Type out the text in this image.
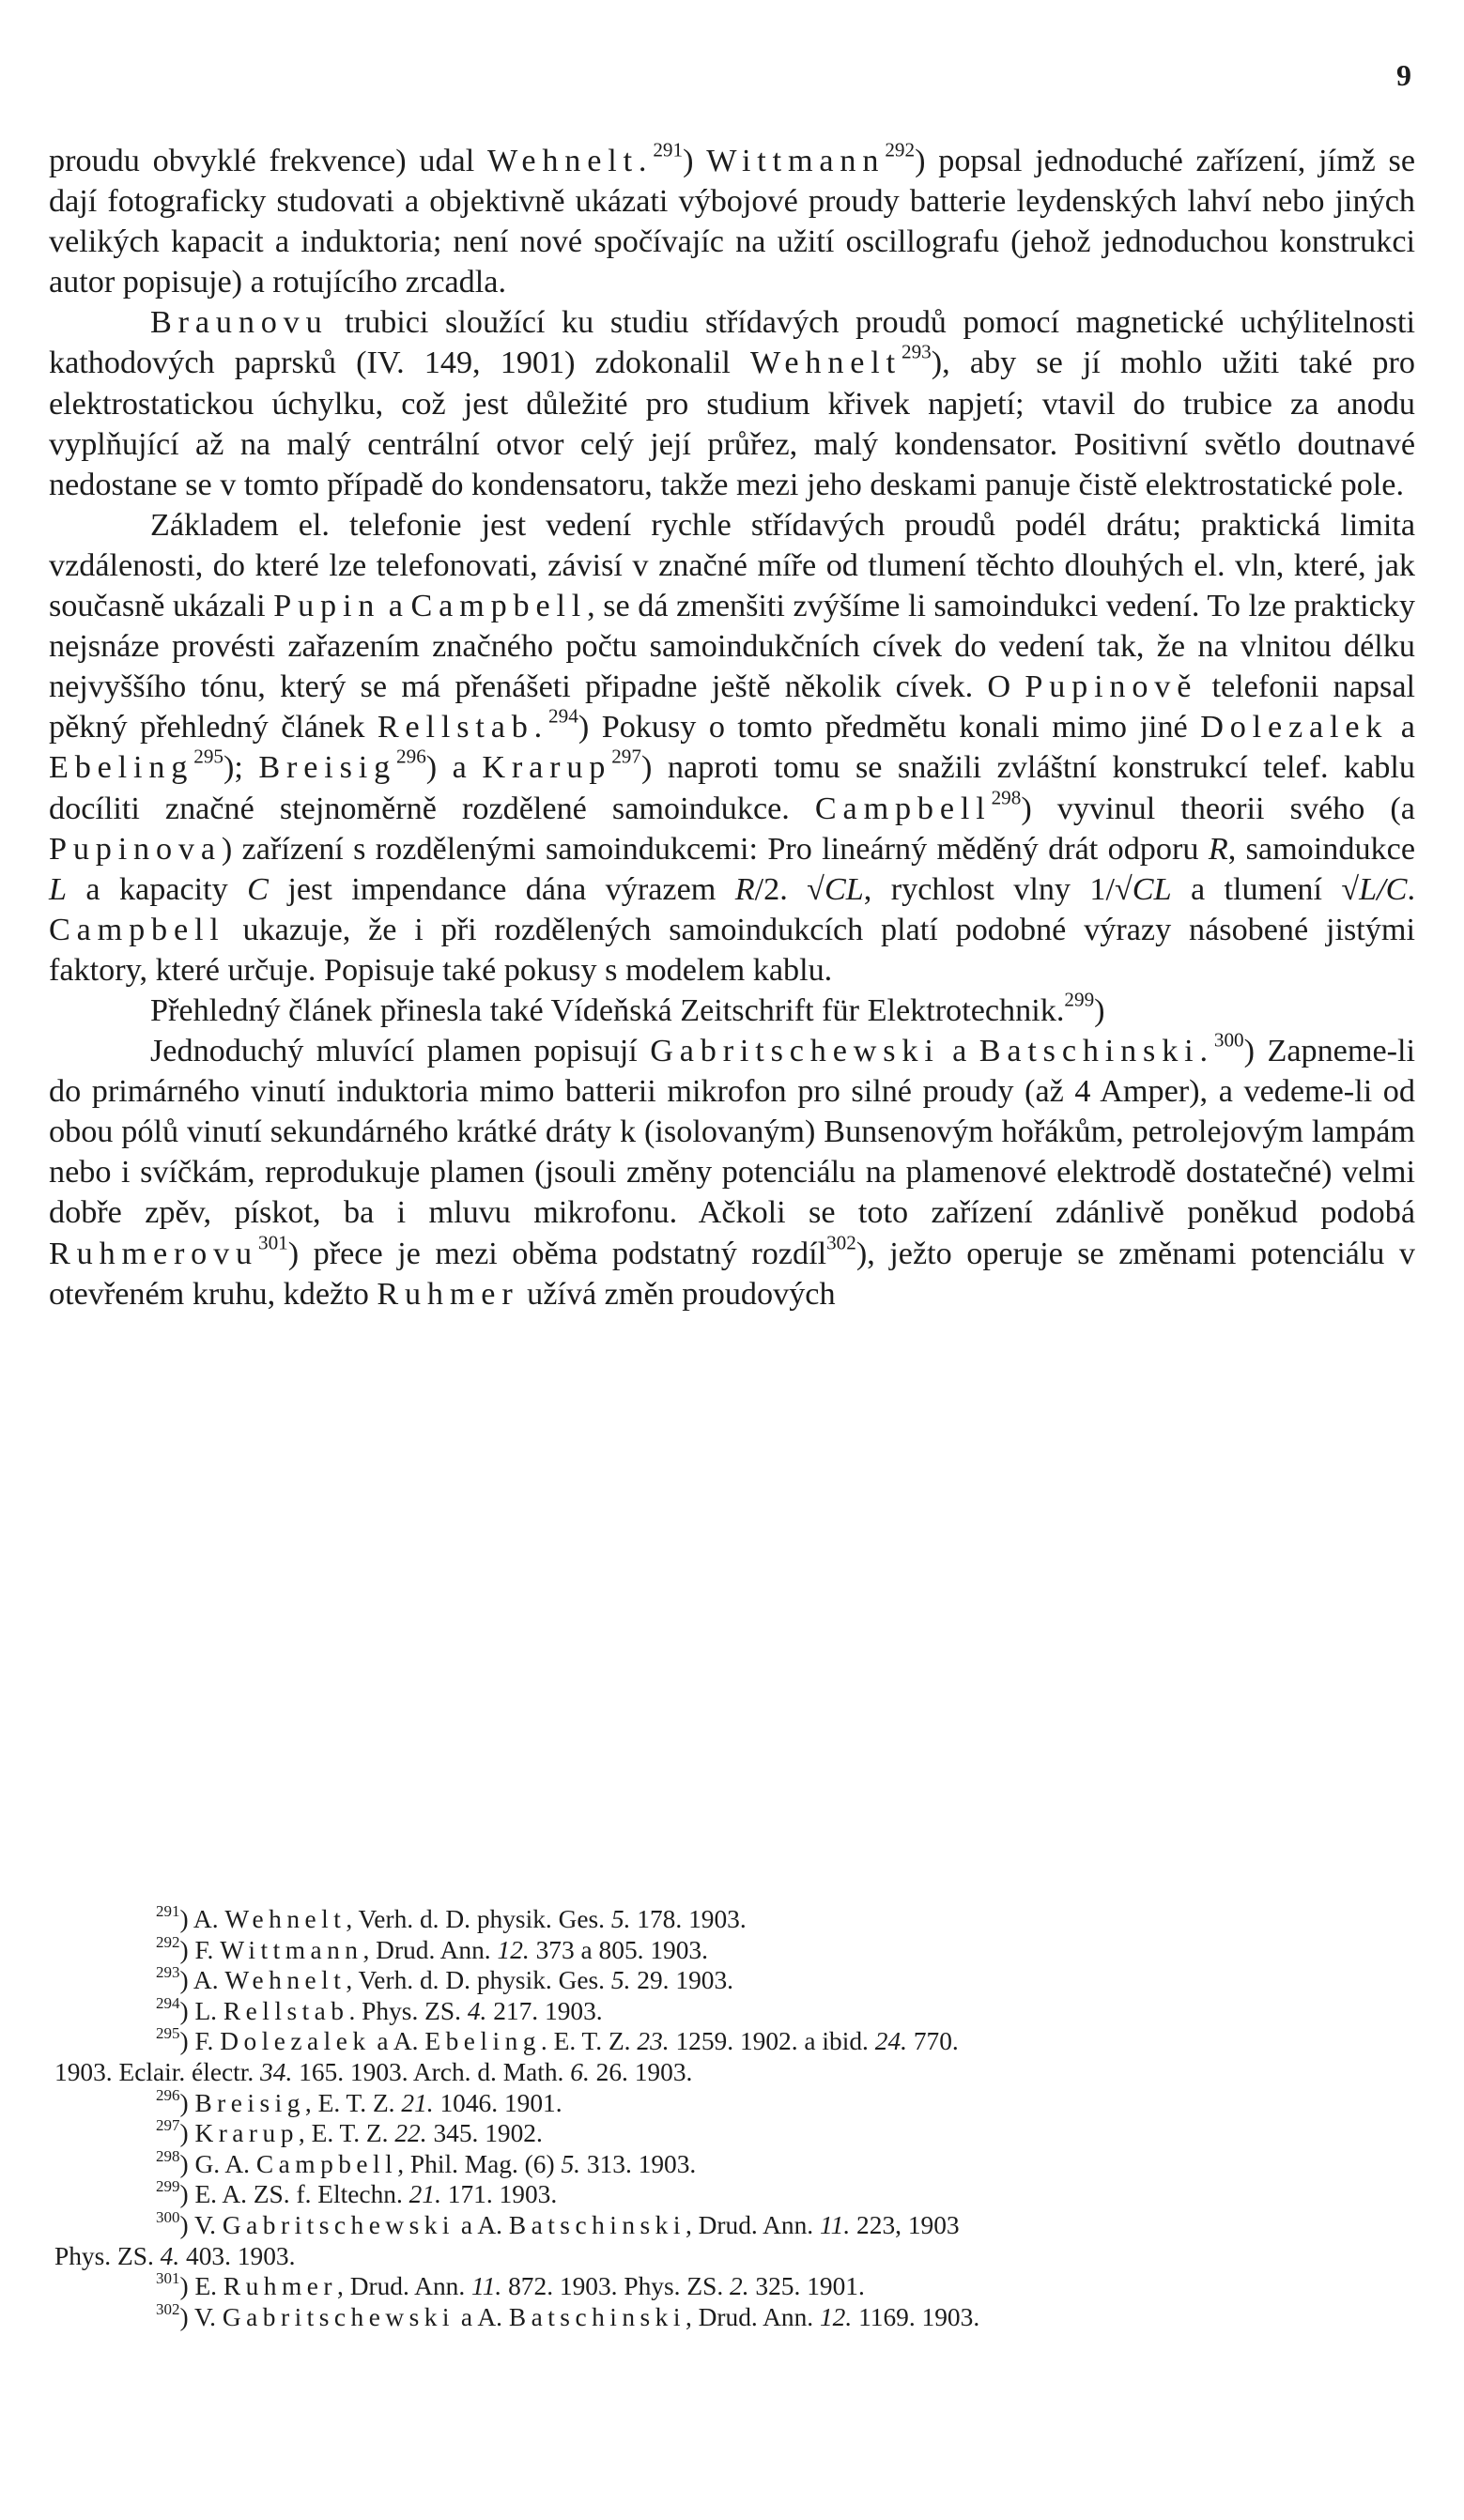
9

proudu obvyklé frekvence) udal Wehnelt.$^{291}$) Wittmann$^{292}$) popsal jednoduché zařízení, jímž se dají fotograficky studovati a objektivně ukázati výbojové proudy batterie leydenských lahví nebo jiných velikých kapacit a induktoria; není nové spočívajíc na užití oscillografu (jehož jednoduchou konstrukci autor popisuje) a rotujícího zrcadla.

Braunovu trubici sloužící ku studiu střídavých proudů pomocí magnetické uchýlitelnosti kathodových paprsků (IV. 149, 1901) zdokonalil Wehnelt$^{293}$), aby se jí mohlo užiti také pro elektrostatickou úchylku, což jest důležité pro studium křivek napjetí; vtavil do trubice za anodu vyplňující až na malý centrální otvor celý její průřez, malý kondensator. Positivní světlo doutnavé nedostane se v tomto případě do kondensatoru, takže mezi jeho deskami panuje čistě elektrostatické pole.

Základem el. telefonie jest vedení rychle střídavých proudů podél drátu; praktická limita vzdálenosti, do které lze telefonovati, závisí v značné míře od tlumení těchto dlouhých el. vln, které, jak současně ukázali Pupin a Campbell, se dá zmenšiti zvýšíme li samoindukci vedení. To lze prakticky nejsnáze provésti zařazením značného počtu samoindukčních cívek do vedení tak, že na vlnitou délku nejvyššího tónu, který se má přenášeti připadne ještě několik cívek. O Pupinově telefonii napsal pěkný přehledný článek Rellstab.$^{294}$) Pokusy o tomto předmětu konali mimo jiné Dolezalek a Ebeling$^{295}$); Breisig$^{296}$) a Krarup$^{297}$) naproti tomu se snažili zvláštní konstrukcí telef. kablu docíliti značné stejnoměrně rozdělené samoindukce. Campbell$^{298}$) vyvinul theorii svého (a Pupinova) zařízení s rozdělenými samoindukcemi: Pro lineárný měděný drát odporu R, samoindukce L a kapacity C jest impendance dána výrazem R/2. √CL, rychlost vlny 1/√CL a tlumení √L/C. Campbell ukazuje, že i při rozdělených samoindukcích platí podobné výrazy násobené jistými faktory, které určuje. Popisuje také pokusy s modelem kablu.

Přehledný článek přinesla také Vídeňská Zeitschrift für Elektrotechnik.$^{299}$)

Jednoduchý mluvící plamen popisují Gabritschewski a Batschinski.$^{300}$) Zapneme-li do primárného vinutí induktoria mimo batterii mikrofon pro silné proudy (až 4 Amper), a vedeme-li od obou pólů vinutí sekundárného krátké dráty k (isolovaným) Bunsenovým hořákům, petrolejovým lampám nebo i svíčkám, reprodukuje plamen (jsouli změny potenciálu na plamenové elektrodě dostatečné) velmi dobře zpěv, pískot, ba i mluvu mikrofonu. Ačkoli se toto zařízení zdánlivě poněkud podobá Ruhmerovu$^{301}$) přece je mezi oběma podstatný rozdíl$^{302}$), ježto operuje se změnami potenciálu v otevřeném kruhu, kdežto Ruhmer užívá změn proudových

$^{291}$) A. Wehnelt, Verh. d. D. physik. Ges. 5. 178. 1903.

$^{292}$) F. Wittmann, Drud. Ann. 12. 373 a 805. 1903.

$^{293}$) A. Wehnelt, Verh. d. D. physik. Ges. 5. 29. 1903.

$^{294}$) L. Rellstab. Phys. ZS. 4. 217. 1903.

$^{295}$) F. Dolezalek a A. Ebeling. E. T. Z. 23. 1259. 1902. a ibid. 24. 770.
1903. Eclair. électr. 34. 165. 1903. Arch. d. Math. 6. 26. 1903.

$^{296}$) Breisig, E. T. Z. 21. 1046. 1901.

$^{297}$) Krarup, E. T. Z. 22. 345. 1902.

$^{298}$) G. A. Campbell, Phil. Mag. (6) 5. 313. 1903.

$^{299}$) E. A. ZS. f. Eltechn. 21. 171. 1903.

$^{300}$) V. Gabritschewski a A. Batschinski, Drud. Ann. 11. 223, 1903
Phys. ZS. 4. 403. 1903.

$^{301}$) E. Ruhmer, Drud. Ann. 11. 872. 1903. Phys. ZS. 2. 325. 1901.

$^{302}$) V. Gabritschewski a A. Batschinski, Drud. Ann. 12. 1169. 1903.
